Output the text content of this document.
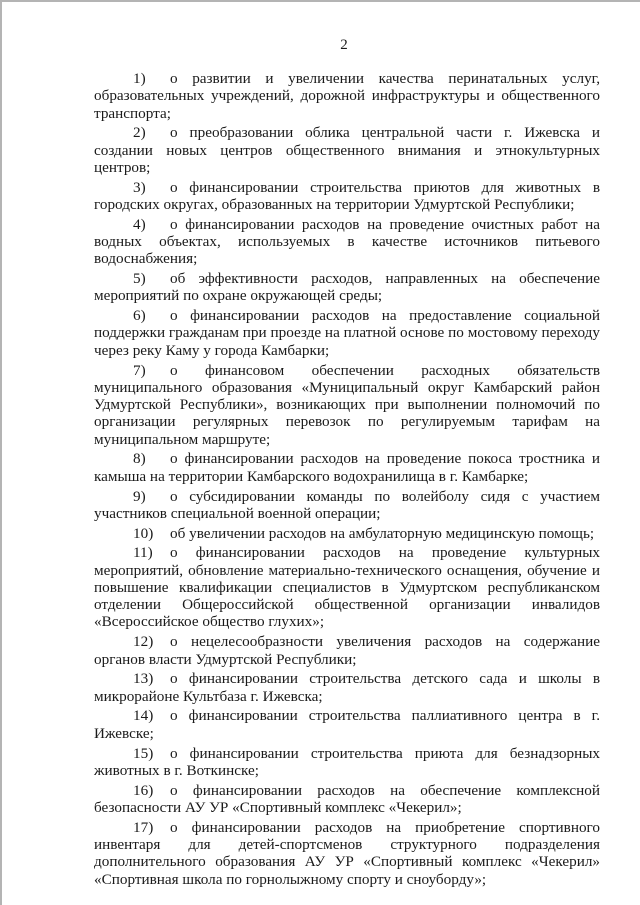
2

1) о развитии и увеличении качества перинатальных услуг, образовательных учреждений, дорожной инфраструктуры и общественного транспорта;

2) о преобразовании облика центральной части г. Ижевска и создании новых центров общественного внимания и этнокультурных центров;

3) о финансировании строительства приютов для животных в городских округах, образованных на территории Удмуртской Республики;

4) о финансировании расходов на проведение очистных работ на водных объектах, используемых в качестве источников питьевого водоснабжения;

5) об эффективности расходов, направленных на обеспечение мероприятий по охране окружающей среды;

6) о финансировании расходов на предоставление социальной поддержки гражданам при проезде на платной основе по мостовому переходу через реку Каму у города Камбарки;

7) о финансовом обеспечении расходных обязательств муниципального образования «Муниципальный округ Камбарский район Удмуртской Республики», возникающих при выполнении полномочий по организации регулярных перевозок по регулируемым тарифам на муниципальном маршруте;

8) о финансировании расходов на проведение покоса тростника и камыша на территории Камбарского водохранилища в г. Камбарке;

9) о субсидировании команды по волейболу сидя с участием участников специальной военной операции;

10) об увеличении расходов на амбулаторную медицинскую помощь;

11) о финансировании расходов на проведение культурных мероприятий, обновление материально-технического оснащения, обучение и повышение квалификации специалистов в Удмуртском республиканском отделении Общероссийской общественной организации инвалидов «Всероссийское общество глухих»;

12) о нецелесообразности увеличения расходов на содержание органов власти Удмуртской Республики;

13) о финансировании строительства детского сада и школы в микрорайоне Культбаза г. Ижевска;

14) о финансировании строительства паллиативного центра в г. Ижевске;

15) о финансировании строительства приюта для безнадзорных животных в г. Воткинске;

16) о финансировании расходов на обеспечение комплексной безопасности АУ УР «Спортивный комплекс «Чекерил»;

17) о финансировании расходов на приобретение спортивного инвентаря для детей-спортсменов структурного подразделения дополнительного образования АУ УР «Спортивный комплекс «Чекерил» «Спортивная школа по горнолыжному спорту и сноуборду»;
